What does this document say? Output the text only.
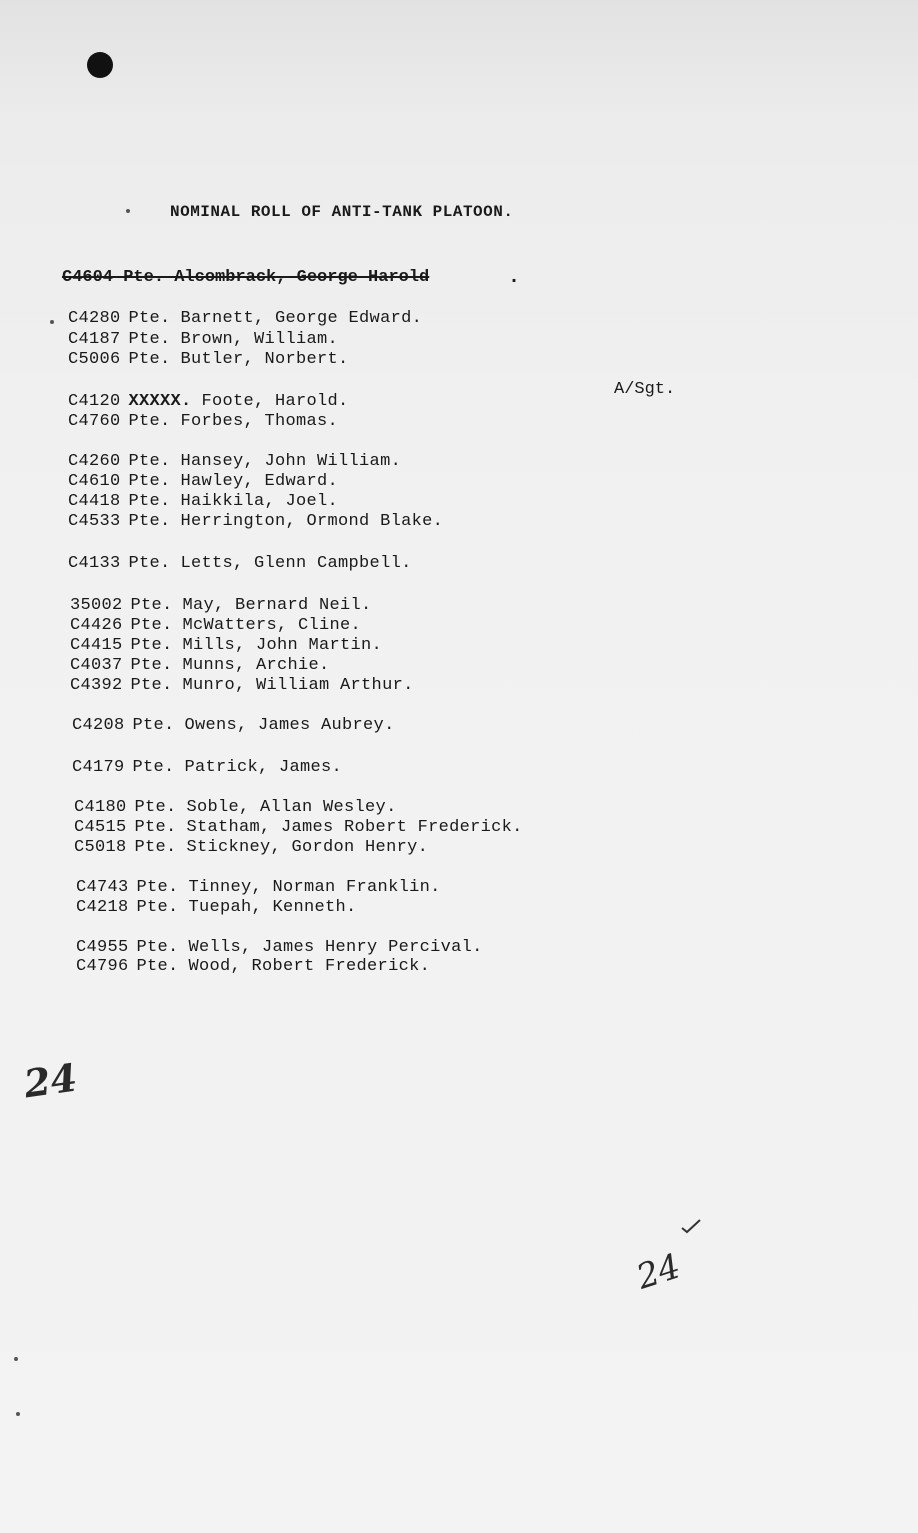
NOMINAL ROLL OF ANTI-TANK PLATOON.
C4604 Pte. Alcombrack, George Harold	.
C4280 Pte. Barnett, George Edward.
C4187 Pte. Brown, William.
C5006 Pte. Butler, Norbert.
C4120 XXXXX. Foote, Harold.
A/Sgt.
C4760 Pte. Forbes, Thomas.
C4260 Pte. Hansey, John William.
C4610 Pte. Hawley, Edward.
C4418 Pte. Haikkila, Joel.
C4533 Pte. Herrington, Ormond Blake.
C4133 Pte. Letts, Glenn Campbell.
35002 Pte. May, Bernard Neil.
C4426 Pte. McWatters, Cline.
C4415 Pte. Mills, John Martin.
C4037 Pte. Munns, Archie.
C4392 Pte. Munro, William Arthur.
C4208 Pte. Owens, James Aubrey.
C4179 Pte. Patrick, James.
C4180 Pte. Soble, Allan Wesley.
C4515 Pte. Statham, James Robert Frederick.
C5018 Pte. Stickney, Gordon Henry.
C4743 Pte. Tinney, Norman Franklin.
C4218 Pte. Tuepah, Kenneth.
C4955 Pte. Wells, James Henry Percival.
C4796 Pte. Wood, Robert Frederick.
24
24
